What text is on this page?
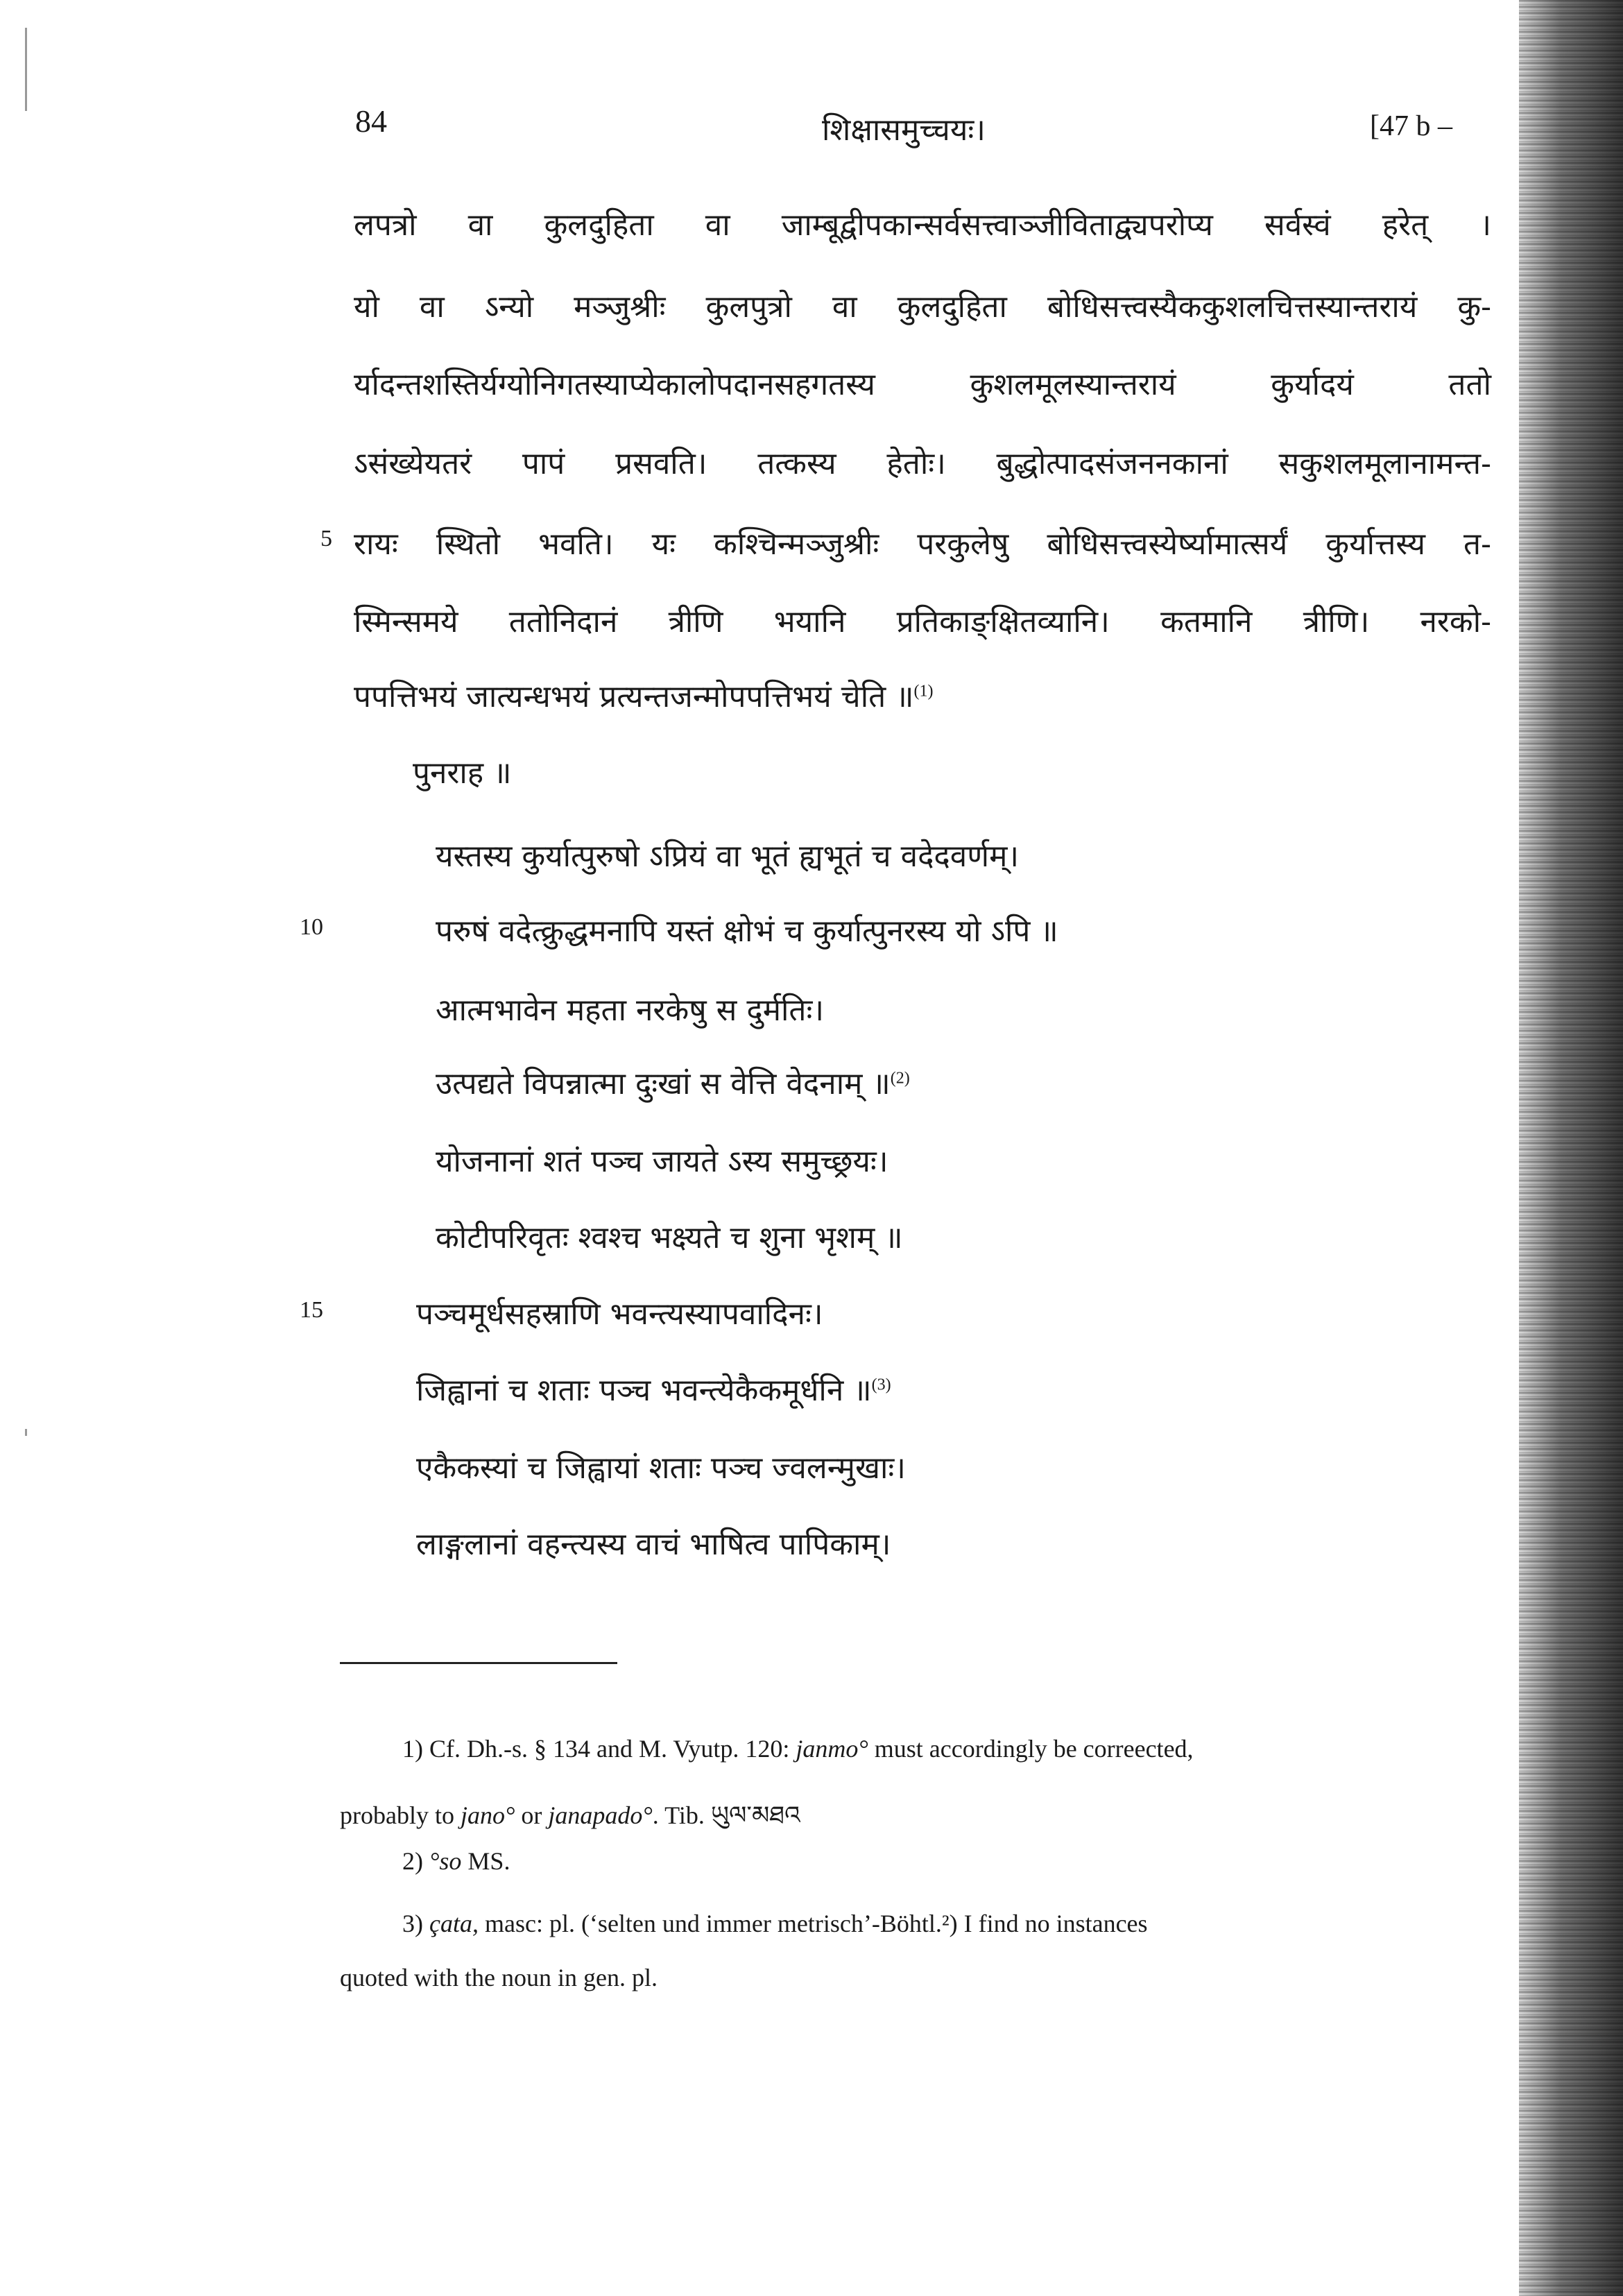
84	शिक्षासमुच्चयः।	[47 b –
लपत्रो वा कुलदुहिता वा जाम्बूद्वीपकान्सर्वसत्त्वाञ्जीविताद्व्यपरोप्य सर्वस्वं हरेत् ।
यो वा ऽन्यो मञ्जुश्रीः कुलपुत्रो वा कुलदुहिता बोधिसत्त्वस्यैककुशलचित्तस्यान्तरायं कु-
र्यादन्तशस्तिर्यग्योनिगतस्याप्येकालोपदानसहगतस्य कुशलमूलस्यान्तरायं कुर्यादयं ततो
ऽसंख्येयतरं पापं प्रसवति। तत्कस्य हेतोः। बुद्धोत्पादसंजननकानां सकुशलमूलानामन्त-
5 रायः स्थितो भवति। यः कश्चिन्मञ्जुश्रीः परकुलेषु बोधिसत्त्वस्येर्ष्यामात्सर्यं कुर्यात्तस्य त-
स्मिन्समये ततोनिदानं त्रीणि भयानि प्रतिकाङ्क्षितव्यानि। कतमानि त्रीणि। नरको-
पपत्तिभयं जात्यन्धभयं प्रत्यन्तजन्मोपपत्तिभयं चेति ॥$^{(1)}$
पुनराह ॥
यस्तस्य कुर्यात्पुरुषो ऽप्रियं वा भूतं ह्यभूतं च वदेदवर्णम्।
10	परुषं वदेत्क्रुद्धमनापि यस्तं क्षोभं च कुर्यात्पुनरस्य यो ऽपि ॥
आत्मभावेन महता नरकेषु स दुर्मतिः।
उत्पद्यते विपन्नात्मा दुःखां स वेत्ति वेदनाम् ॥$^{(2)}$
योजनानां शतं पञ्च जायते ऽस्य समुच्छ्रयः।
कोटीपरिवृतः श्वश्च भक्ष्यते च शुना भृशम् ॥
15	पञ्चमूर्धसहस्राणि भवन्त्यस्यापवादिनः।
जिह्वानां च शताः पञ्च भवन्त्येकैकमूर्धनि ॥$^{(3)}$
एकैकस्यां च जिह्वायां शताः पञ्च ज्वलन्मुखाः।
लाङ्गलानां वहन्त्यस्य वाचं भाषित्व पापिकाम्।
1) Cf. Dh.-s. § 134 and M. Vyutp. 120: janmo° must accordingly be correected,
probably to jano° or janapado°. Tib. ཡུལ་མཐའ
2) °so MS.
3) çata, masc: pl. (‘selten und immer metrisch’-Böhtl.²) I find no instances
quoted with the noun in gen. pl.
